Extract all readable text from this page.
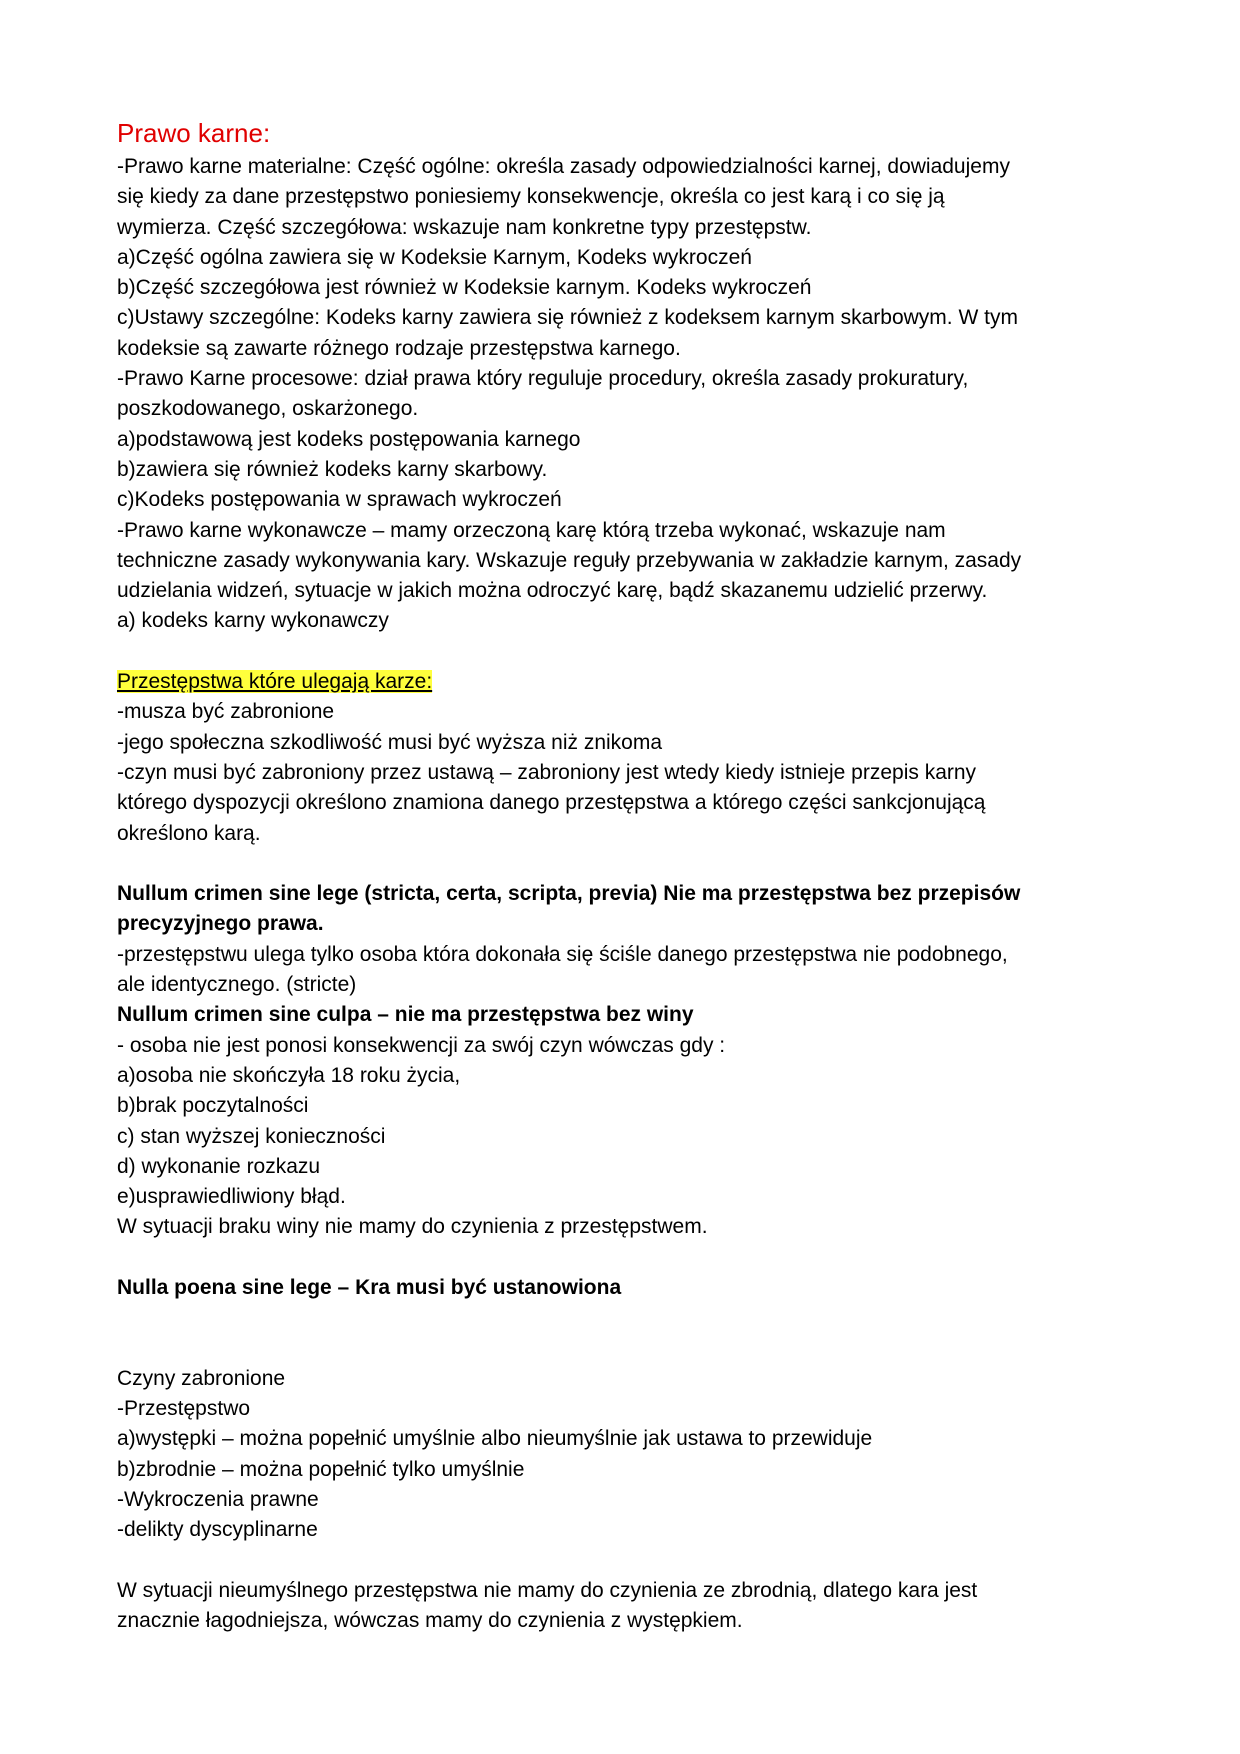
Prawo karne:
-Prawo karne materialne: Część ogólne: określa zasady odpowiedzialności karnej, dowiadujemy
się kiedy za dane przestępstwo poniesiemy konsekwencje, określa co jest karą i co się ją
wymierza. Część szczegółowa: wskazuje nam konkretne typy przestępstw.
a)Część ogólna zawiera się w Kodeksie Karnym, Kodeks wykroczeń
b)Część szczegółowa jest również w Kodeksie karnym. Kodeks wykroczeń
c)Ustawy szczególne: Kodeks karny zawiera się również z kodeksem karnym skarbowym. W tym
kodeksie są zawarte różnego rodzaje przestępstwa karnego.
-Prawo Karne procesowe: dział prawa który reguluje procedury, określa zasady prokuratury,
poszkodowanego, oskarżonego.
a)podstawową jest kodeks postępowania karnego
b)zawiera się również kodeks karny skarbowy.
c)Kodeks postępowania w sprawach wykroczeń
-Prawo karne wykonawcze – mamy orzeczoną karę którą trzeba wykonać, wskazuje nam
techniczne zasady wykonywania kary. Wskazuje reguły przebywania w zakładzie karnym, zasady
udzielania widzeń, sytuacje w jakich można odroczyć karę, bądź skazanemu udzielić przerwy.
a) kodeks karny wykonawczy
Przestępstwa które ulegają karze:
-musza być zabronione
-jego społeczna szkodliwość musi być wyższa niż znikoma
-czyn musi być zabroniony przez ustawą – zabroniony jest wtedy kiedy istnieje przepis karny
którego dyspozycji określono znamiona danego przestępstwa a którego części sankcjonującą
określono karą.
Nullum crimen sine lege (stricta, certa, scripta, previa) Nie ma przestępstwa bez przepisów
precyzyjnego prawa.
-przestępstwu ulega tylko osoba która dokonała się ściśle danego przestępstwa nie podobnego,
ale identycznego. (stricte)
Nullum crimen sine culpa – nie ma przestępstwa bez winy
- osoba nie jest ponosi konsekwencji za swój czyn wówczas gdy :
a)osoba nie skończyła 18 roku życia,
b)brak poczytalności
c) stan wyższej konieczności
d) wykonanie rozkazu
e)usprawiedliwiony błąd.
W sytuacji braku winy nie mamy do czynienia z przestępstwem.
Nulla poena sine lege – Kra musi być ustanowiona
Czyny zabronione
-Przestępstwo
a)występki – można popełnić umyślnie albo nieumyślnie jak ustawa to przewiduje
b)zbrodnie – można popełnić tylko umyślnie
-Wykroczenia prawne
-delikty dyscyplinarne
W sytuacji nieumyślnego przestępstwa nie mamy do czynienia ze zbrodnią, dlatego kara jest
znacznie łagodniejsza, wówczas mamy do czynienia z występkiem.
